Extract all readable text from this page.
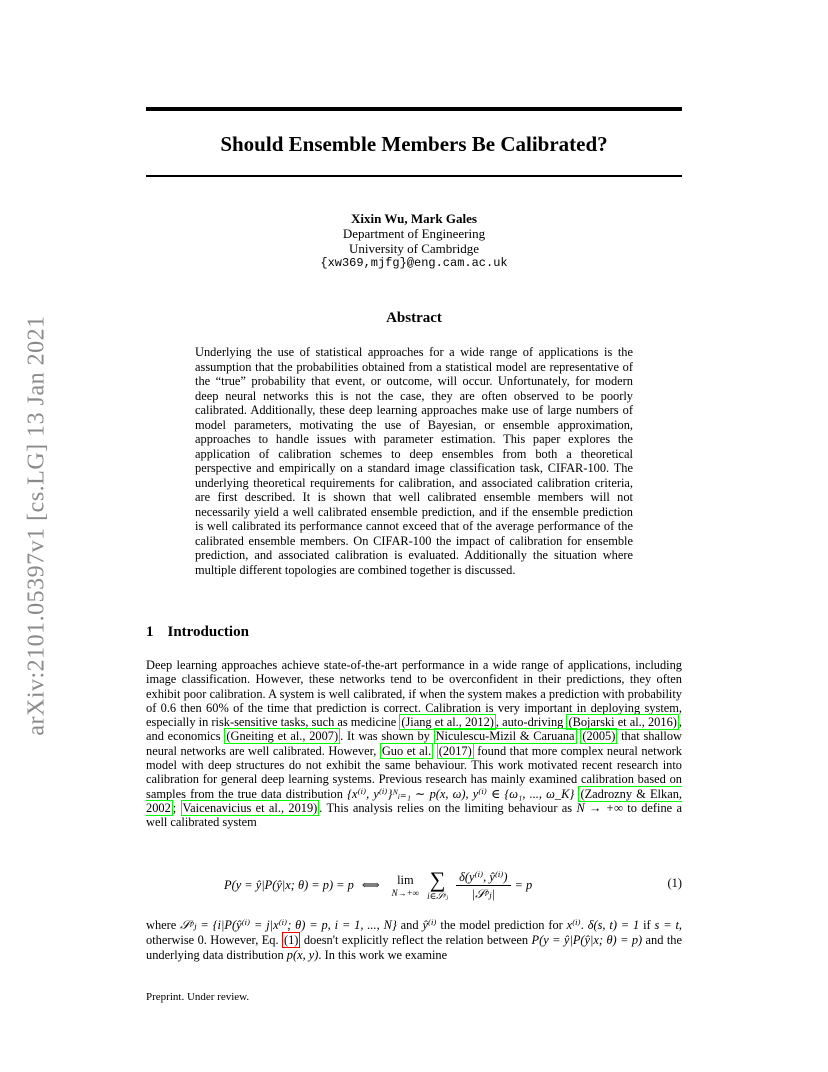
arXiv:2101.05397v1 [cs.LG] 13 Jan 2021
Should Ensemble Members Be Calibrated?
Xixin Wu, Mark Gales
Department of Engineering
University of Cambridge
{xw369,mjfg}@eng.cam.ac.uk
Abstract
Underlying the use of statistical approaches for a wide range of applications is the assumption that the probabilities obtained from a statistical model are representative of the “true” probability that event, or outcome, will occur. Unfortunately, for modern deep neural networks this is not the case, they are often observed to be poorly calibrated. Additionally, these deep learning approaches make use of large numbers of model parameters, motivating the use of Bayesian, or ensemble approximation, approaches to handle issues with parameter estimation. This paper explores the application of calibration schemes to deep ensembles from both a theoretical perspective and empirically on a standard image classification task, CIFAR-100. The underlying theoretical requirements for calibration, and associated calibration criteria, are first described. It is shown that well calibrated ensemble members will not necessarily yield a well calibrated ensemble prediction, and if the ensemble prediction is well calibrated its performance cannot exceed that of the average performance of the calibrated ensemble members. On CIFAR-100 the impact of calibration for ensemble prediction, and associated calibration is evaluated. Additionally the situation where multiple different topologies are combined together is discussed.
1 Introduction
Deep learning approaches achieve state-of-the-art performance in a wide range of applications, including image classification. However, these networks tend to be overconfident in their predictions, they often exhibit poor calibration. A system is well calibrated, if when the system makes a prediction with probability of 0.6 then 60% of the time that prediction is correct. Calibration is very important in deploying system, especially in risk-sensitive tasks, such as medicine (Jiang et al., 2012) , auto-driving (Bojarski et al., 2016) , and economics (Gneiting et al., 2007) . It was shown by Niculescu-Mizil & Caruana (2005) that shallow neural networks are well calibrated. However, Guo et al. (2017) found that more complex neural network model with deep structures do not exhibit the same behaviour. This work motivated recent research into calibration for general deep learning systems. Previous research has mainly examined calibration based on samples from the true data distribution {x⁽ⁱ⁾, y⁽ⁱ⁾}ᴺᵢ₌₁ ∼ p(x, ω), y⁽ⁱ⁾ ∈ {ω₁, ..., ω_K} (Zadrozny & Elkan, 2002 ; Vaicenavicius et al., 2019) . This analysis relies on the limiting behaviour as N → +∞ to define a well calibrated system
P(y = ŷ|P(ŷ|x; θ) = p) = p ⟺ lim
N→+∞
∑
i∈𝒮ᵖⱼ $\frac{\text{δ(y⁽ⁱ⁾, ŷ⁽ⁱ⁾)}}{\text{|𝒮ᵖⱼ|}} = p$	(1)
where 𝒮ᵖⱼ = {i|P(ŷ⁽ⁱ⁾ = j|x⁽ⁱ⁾; θ) = p, i = 1, ..., N} and ŷ⁽ⁱ⁾ the model prediction for x⁽ⁱ⁾. δ(s, t) = 1 if s = t, otherwise 0. However, Eq. (1) doesn't explicitly reflect the relation between P(y = ŷ|P(ŷ|x; θ) = p) and the underlying data distribution p(x, y). In this work we examine
Preprint. Under review.
